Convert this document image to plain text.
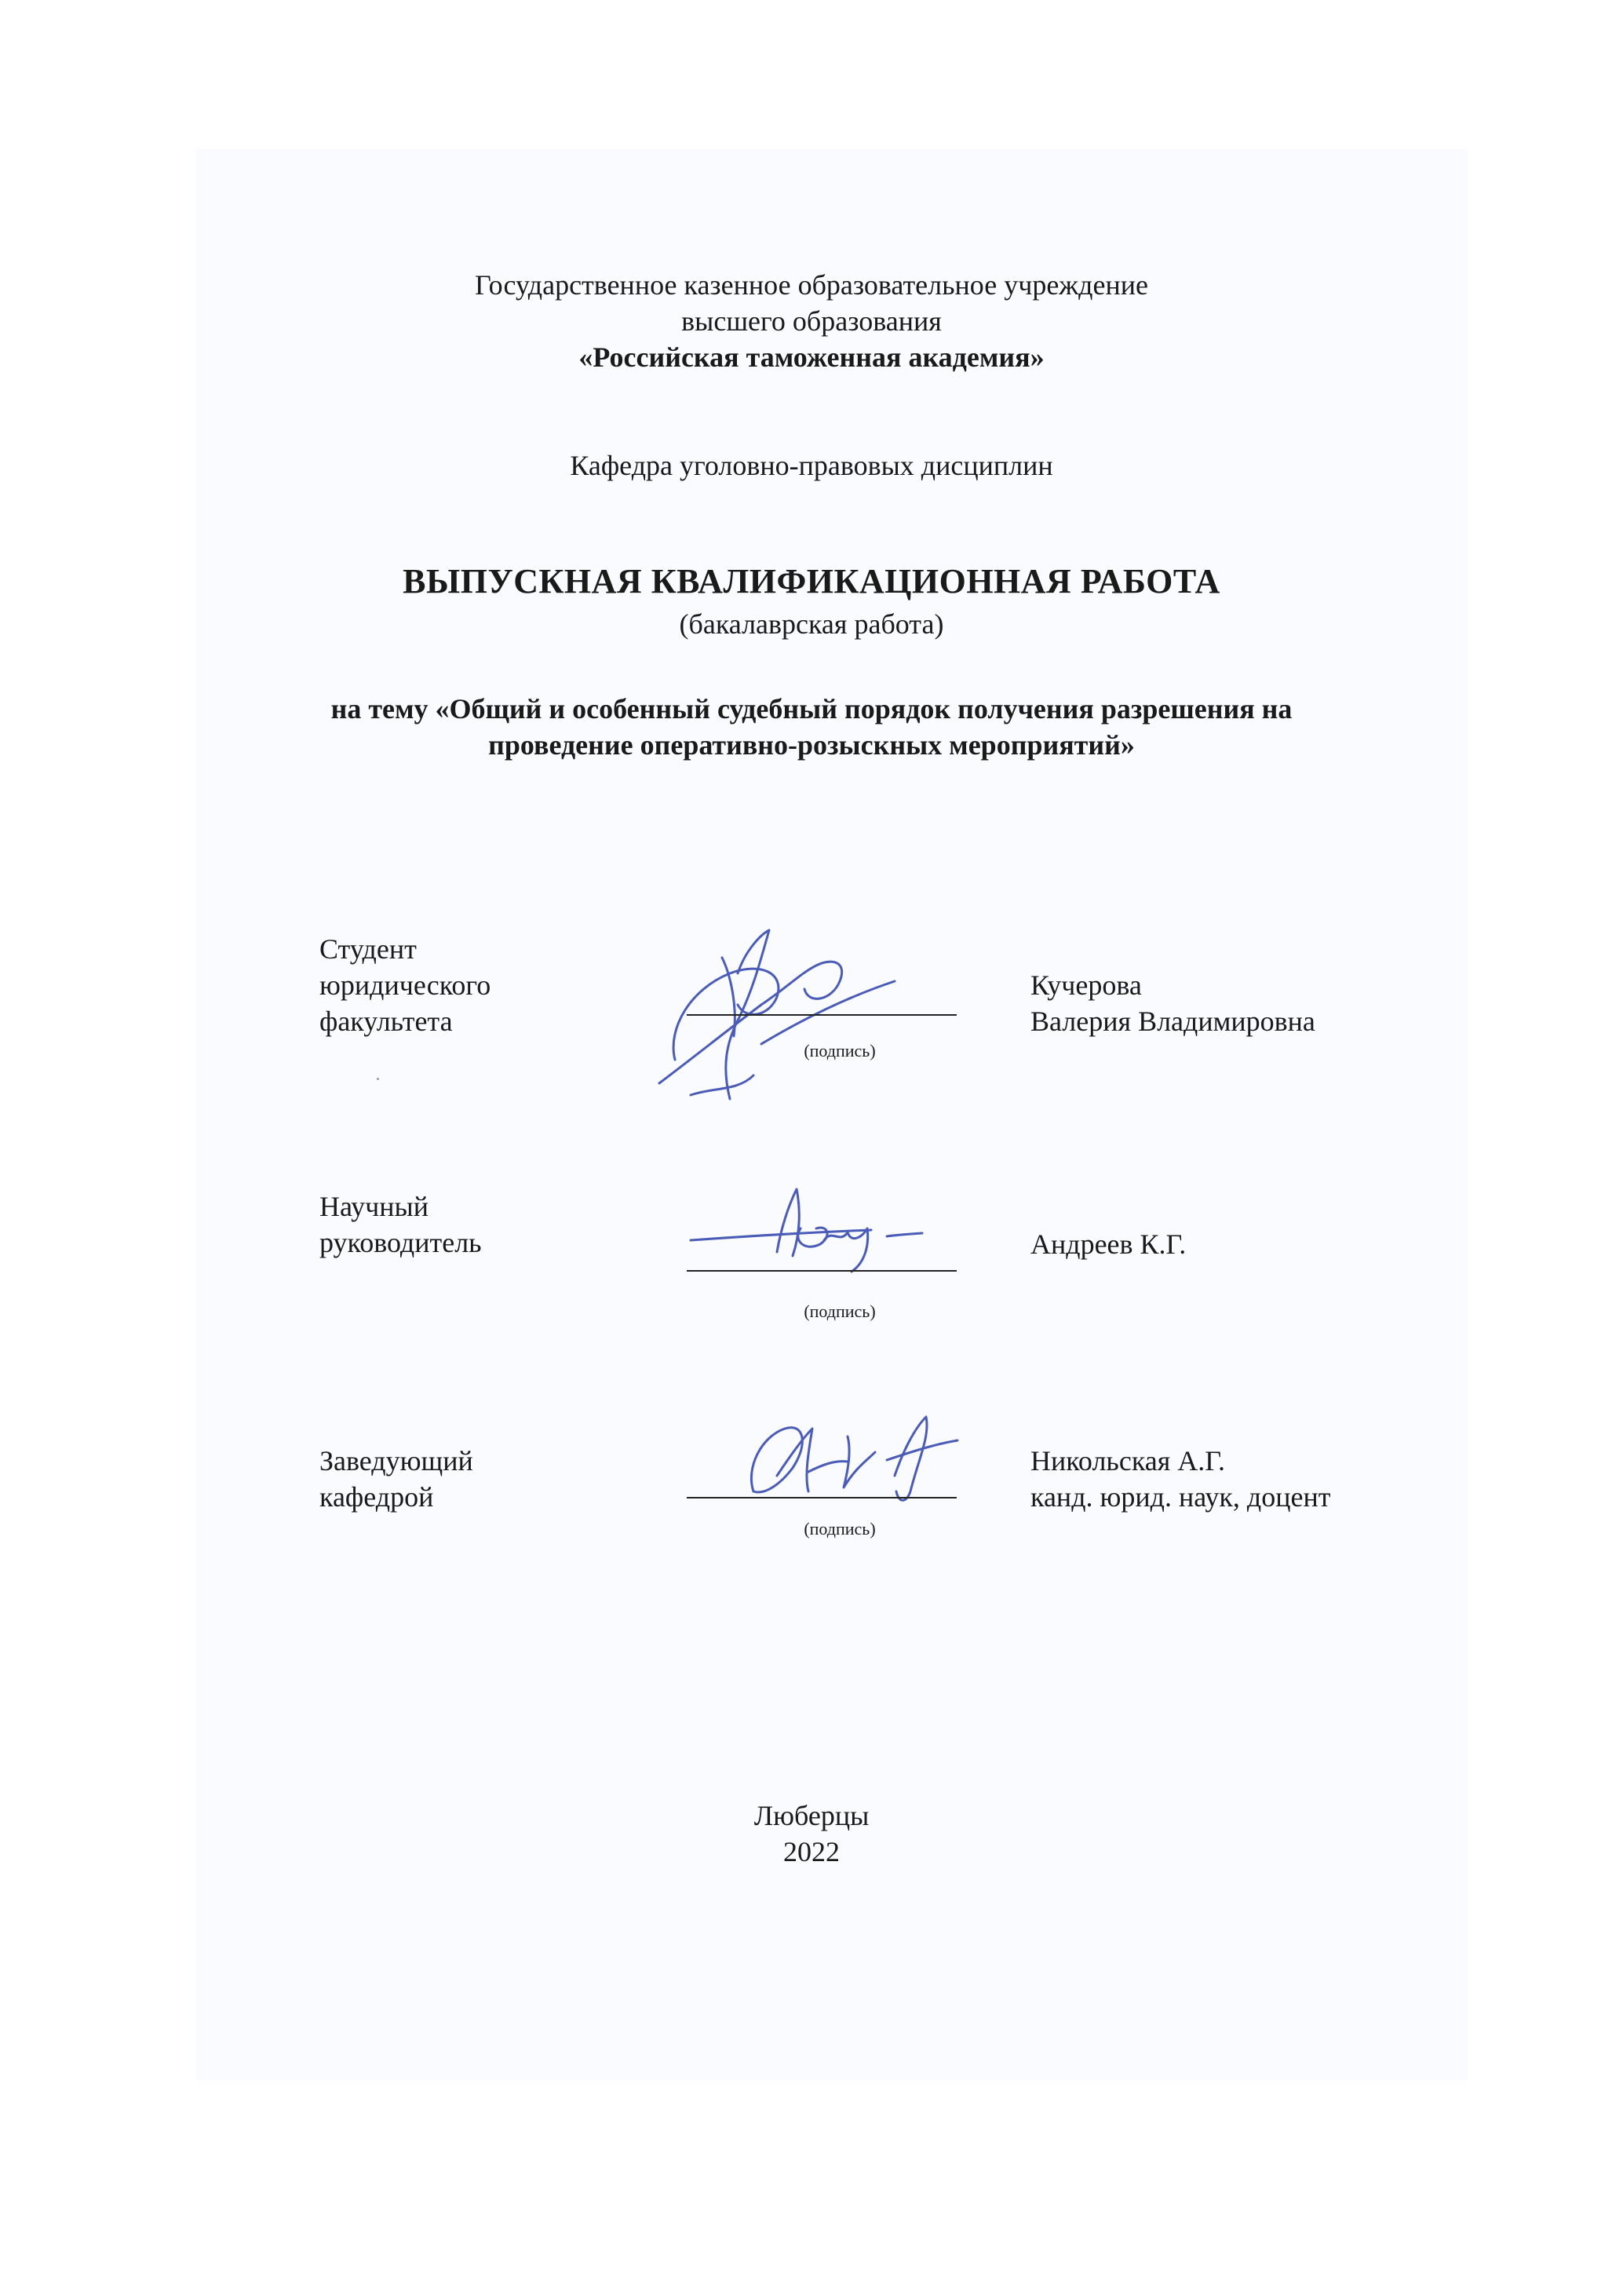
Государственное казенное образовательное учреждение
высшего образования
«Российская таможенная академия»
Кафедра уголовно-правовых дисциплин
ВЫПУСКНАЯ КВАЛИФИКАЦИОННАЯ РАБОТА
(бакалаврская работа)
на тему «Общий и особенный судебный порядок получения разрешения на
проведение оперативно-розыскных мероприятий»
Студент
юридического
факультета
(подпись)
Кучерова
Валерия Владимировна
Научный
руководитель
(подпись)
Андреев К.Г.
Заведующий
кафедрой
(подпись)
Никольская А.Г.
канд. юрид. наук, доцент
Люберцы
2022
